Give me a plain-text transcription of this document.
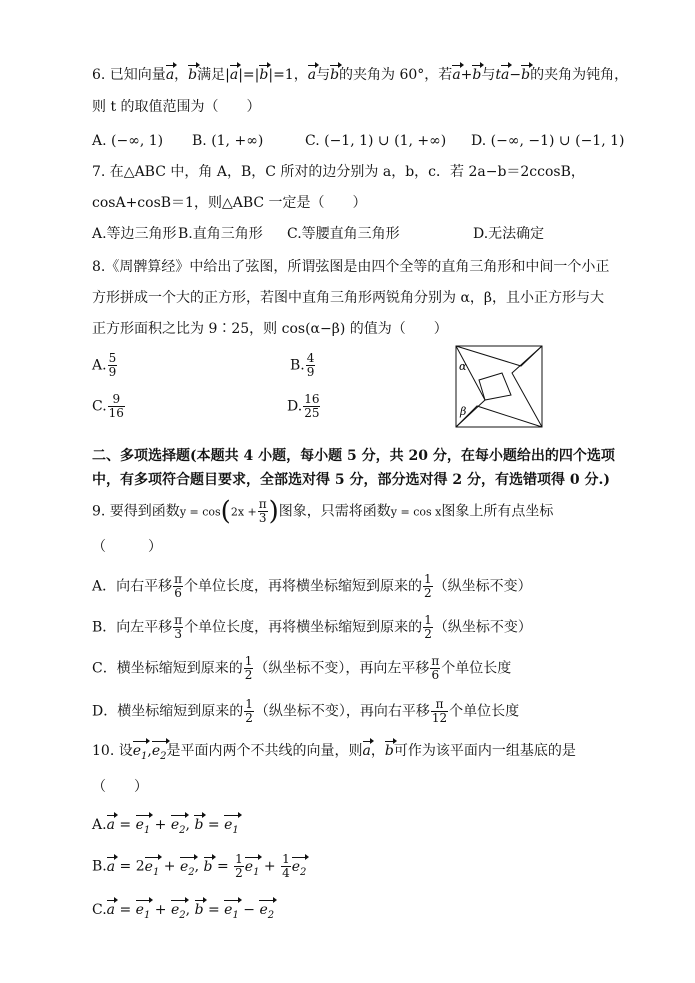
6. 已知向量a，b满足|a|=|b|=1，a与b的夹角为 60°，若a+b与ta−b的夹角为钝角，
则 t 的取值范围为（　　）
A. (−∞, 1) B. (1, +∞)	C. (−1, 1) ∪ (1, +∞) D. (−∞, −1) ∪ (−1, 1)
7. 在△ABC 中，角 A，B，C 所对的边分别为 a，b，c．若 2a−b＝2ccosB，
cosA+cosB＝1，则△ABC 一定是（　　）
A.等边三角形 B.直角三角形 C.等腰直角三角形	D.无法确定
8.《周髀算经》中给出了弦图，所谓弦图是由四个全等的直角三角形和中间一个小正
方形拼成一个大的正方形，若图中直角三角形两锐角分别为 α，β，且小正方形与大
正方形面积之比为 9∶25，则 cos(α−β) 的值为（　　）
A. $\frac{5}{9}$	B. $\frac{4}{9}$
C. $\frac{9}{16}$	D. $\frac{16}{25}$
α
β
二、多项选择题(本题共 4 小题，每小题 5 分，共 20 分，在每小题给出的四个选项
中，有多项符合题目要求，全部选对得 5 分，部分选对得 2 分，有选错项得 0 分.)
9. 要得到函数$y = \cos(2x + \frac{\pi}{3}$ )图象，只需将函数y = cos x图象上所有点坐标
（　　　）
A．向右平移 $\frac{\pi}{6}$ 个单位长度，再将横坐标缩短到原来的 $\frac{1}{2}$ （纵坐标不变）
B．向左平移 $\frac{\pi}{3}$ 个单位长度，再将横坐标缩短到原来的 $\frac{1}{2}$ （纵坐标不变）
C．横坐标缩短到原来的 $\frac{1}{2}$ （纵坐标不变），再向左平移 $\frac{\pi}{6}$ 个单位长度
D．横坐标缩短到原来的 $\frac{1}{2}$ （纵坐标不变），再向右平移 $\frac{\pi}{12}$ 个单位长度
10. 设$e_1,e_2$是平面内两个不共线的向量，则a，b可作为该平面内一组基底的是
（　　）
$A.a = e_1 + e_2$, $b = e_1$
$B.a = 2e_1 + e_2$, $b = \frac{1}{2} e_1 + \frac{1}{4} e_2$
$C.a = e_1 + e_2$, $b = e_1 - e_2$
